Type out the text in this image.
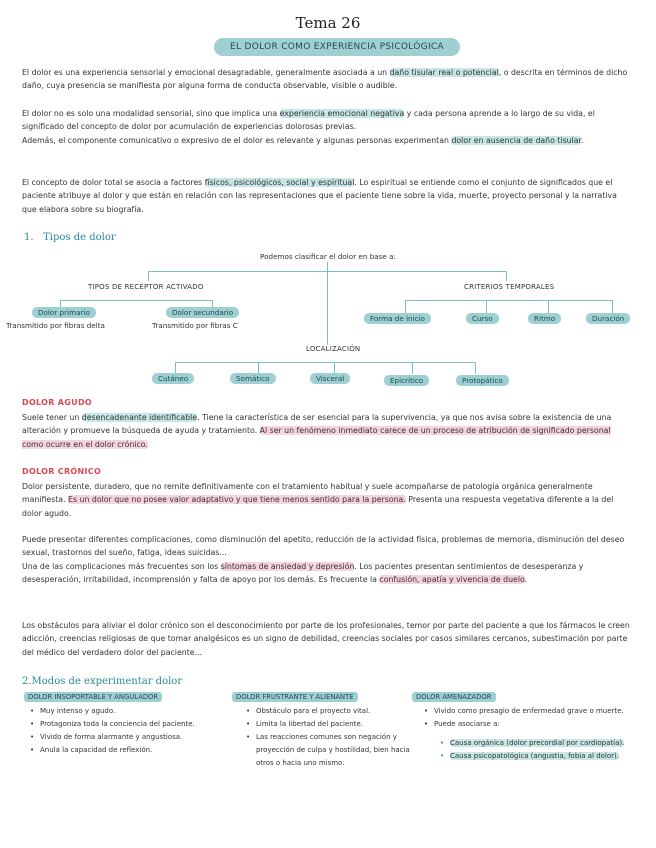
Tema 26
EL DOLOR COMO EXPERIENCIA PSICOLÓGICA
El dolor es una experiencia sensorial y emocional desagradable, generalmente asociada a un daño tisular real o potencial, o descrita en términos de dicho daño, cuya presencia se manifiesta por alguna forma de conducta observable, visible o audible.
El dolor no es solo una modalidad sensorial, sino que implica una experiencia emocional negativa y cada persona aprende a lo largo de su vida, el significado del concepto de dolor por acumulación de experiencias dolorosas previas.
Además, el componente comunicativo o expresivo de el dolor es relevante y algunas personas experimentan dolor en ausencia de daño tisular.
El concepto de dolor total se asocia a factores físicos, psicológicos, social y espiritual. Lo espiritual se entiende como el conjunto de significados que el paciente atribuye al dolor y que están en relación con las representaciones que el paciente tiene sobre la vida, muerte, proyecto personal y la narrativa que elabora sobre su biografía.
1. Tipos de dolor
Podemos clasificar el dolor en base a:
TIPOS DE RECEPTOR ACTIVADO
Dolor primario	Dolor secundario
Transmitido por fibras delta	Transmitido por fibras C
CRITERIOS TEMPORALES
Forma de inicio	Curso	Ritmo	Duración
LOCALIZACIÓN
Cutáneo	Somático	Visceral	Epicrítico	Protopático
DOLOR AGUDO
Suele tener un desencadenante identificable. Tiene la característica de ser esencial para la supervivencia, ya que nos avisa sobre la existencia de una alteración y promueve la búsqueda de ayuda y tratamiento. Al ser un fenómeno inmediato carece de un proceso de atribución de significado personal como ocurre en el dolor crónico.
DOLOR CRÓNICO
Dolor persistente, duradero, que no remite definitivamente con el tratamiento habitual y suele acompañarse de patología orgánica generalmente manifiesta. Es un dolor que no posee valor adaptativo y que tiene menos sentido para la persona. Presenta una respuesta vegetativa diferente a la del dolor agudo.
Puede presentar diferentes complicaciones, como disminución del apetito, reducción de la actividad física, problemas de memoria, disminución del deseo sexual, trastornos del sueño, fatiga, ideas suicidas...
Una de las complicaciones más frecuentes son los síntomas de ansiedad y depresión. Los pacientes presentan sentimientos de desesperanza y desesperación, irritabilidad, incomprensión y falta de apoyo por los demás. Es frecuente la confusión, apatía y vivencia de duelo.
Los obstáculos para aliviar el dolor crónico son el desconocimiento por parte de los profesionales, temor por parte del paciente a que los fármacos le creen adicción, creencias religiosas de que tomar analgésicos es un signo de debilidad, creencias sociales por casos similares cercanos, subestimación por parte del médico del verdadero dolor del paciente...
2.Modos de experimentar dolor
DOLOR INSOPORTABLE Y ANGULADOR
• Muy intenso y agudo.
• Protagoniza toda la conciencia del paciente.
• Vivido de forma alarmante y angustiosa.
• Anula la capacidad de reflexión.
DOLOR FRUSTRANTE Y ALIENANTE
• Obstáculo para el proyecto vital.
• Limita la libertad del paciente.
• Las reacciones comunes son negación y proyección de culpa y hostilidad, bien hacia otros o hacia uno mismo.
DOLOR AMENAZADOR
• Vivido como presagio de enfermedad grave o muerte.
• Puede asociarse a:
• Causa orgánica (dolor precordial por cardiopatía).
• Causa psicopatológica (angustia, fobia al dolor).
